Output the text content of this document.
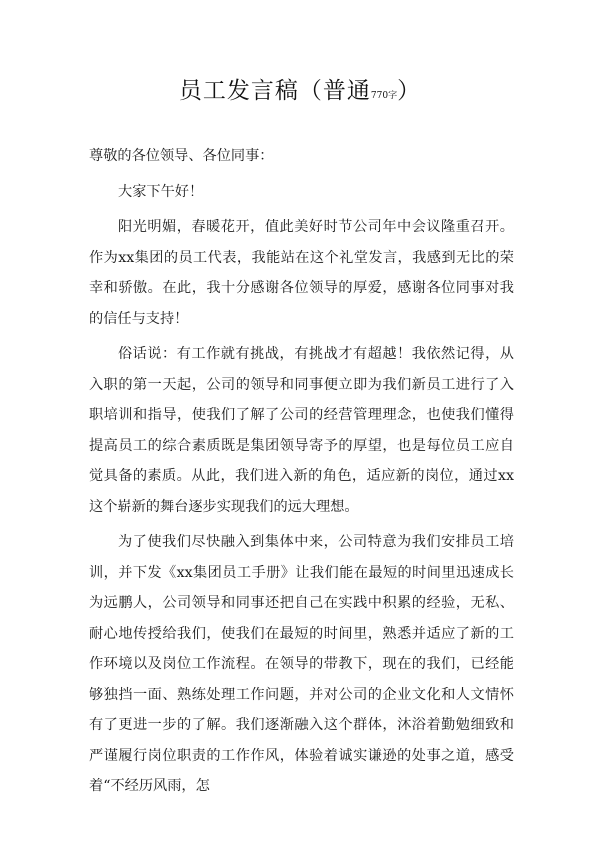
员工发言稿（普通770字）

尊敬的各位领导、各位同事：

大家下午好！

阳光明媚，春暖花开，值此美好时节公司年中会议隆重召开。作为xx集团的员工代表，我能站在这个礼堂发言，我感到无比的荣幸和骄傲。在此，我十分感谢各位领导的厚爱，感谢各位同事对我的信任与支持！

俗话说：有工作就有挑战，有挑战才有超越！我依然记得，从入职的第一天起，公司的领导和同事便立即为我们新员工进行了入职培训和指导，使我们了解了公司的经营管理理念，也使我们懂得提高员工的综合素质既是集团领导寄予的厚望，也是每位员工应自觉具备的素质。从此，我们进入新的角色，适应新的岗位，通过xx这个崭新的舞台逐步实现我们的远大理想。

为了使我们尽快融入到集体中来，公司特意为我们安排员工培训，并下发《xx集团员工手册》让我们能在最短的时间里迅速成长为远鹏人，公司领导和同事还把自己在实践中积累的经验，无私、耐心地传授给我们，使我们在最短的时间里，熟悉并适应了新的工作环境以及岗位工作流程。在领导的带教下，现在的我们，已经能够独挡一面、熟练处理工作问题，并对公司的企业文化和人文情怀有了更进一步的了解。我们逐渐融入这个群体，沐浴着勤勉细致和严谨履行岗位职责的工作作风，体验着诚实谦逊的处事之道，感受着“不经历风雨，怎
